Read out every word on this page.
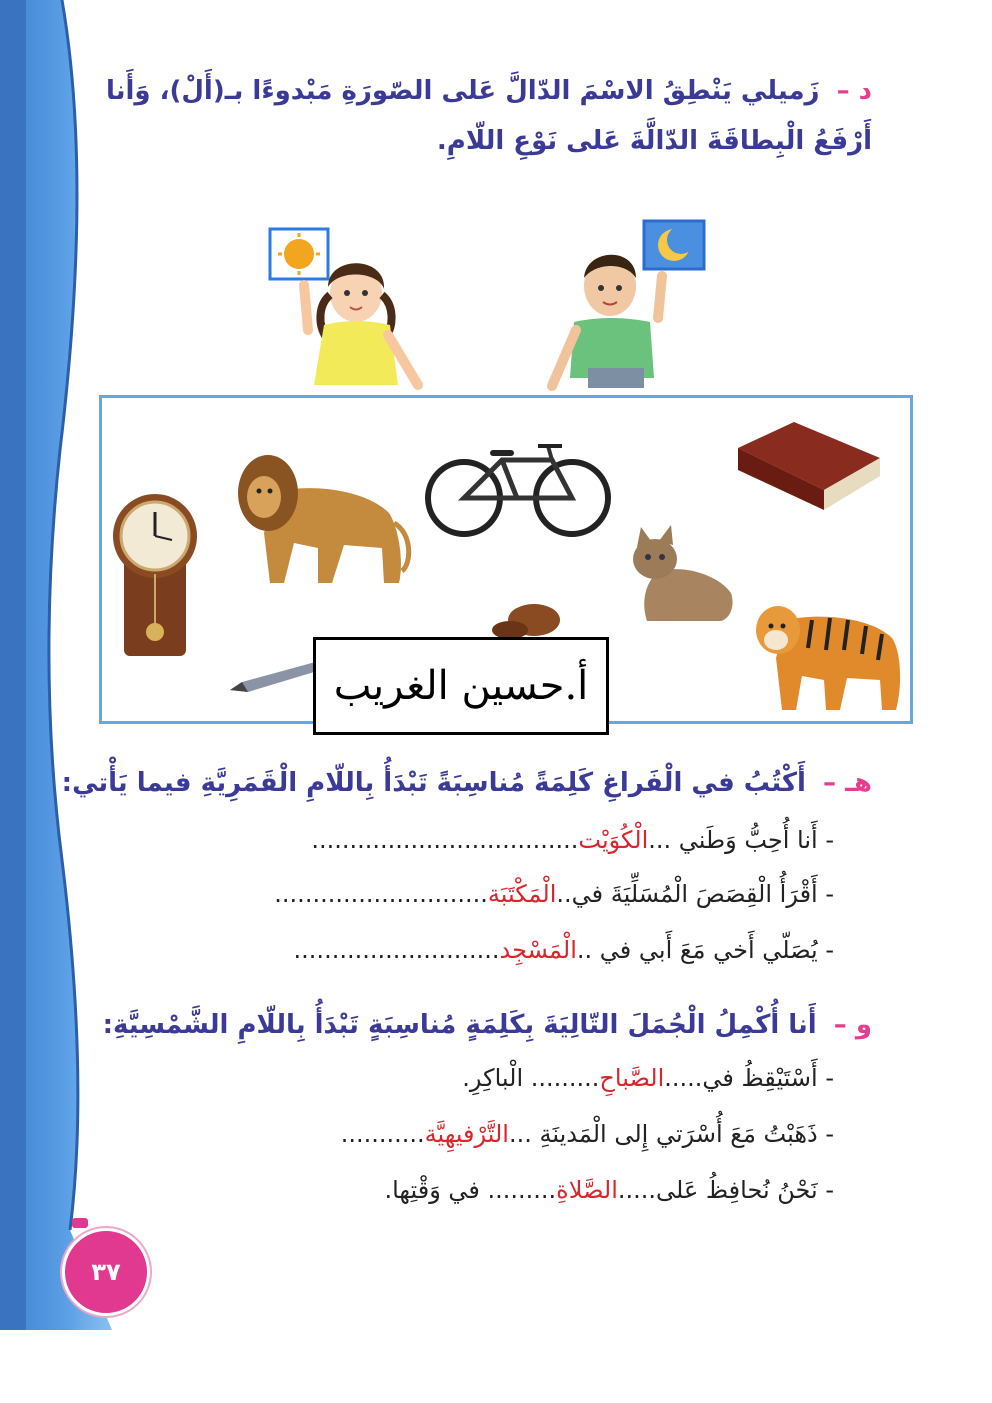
٣٧
د – زَميلي يَنْطِقُ الاسْمَ الدّالَّ عَلى الصّورَةِ مَبْدوءًا بـ(أَلْ)، وَأَنا أَرْفَعُ الْبِطاقَةَ الدّالَّةَ عَلى نَوْعِ اللّامِ.
أ.حسين الغريب
هـ – أَكْتُبُ في الْفَراغِ كَلِمَةً مُناسِبَةً تَبْدَأُ بِاللّامِ الْقَمَرِيَّةِ فيما يَأْتي:
- أَنا أُحِبُّ وَطَني ...الْكُوَيْت...................................
- أَقْرَأُ الْقِصَصَ الْمُسَلِّيَةَ في..الْمَكْتَبَة............................
- يُصَلّي أَخي مَعَ أَبي في ..الْمَسْجِد...........................
و – أَنا أُكْمِلُ الْجُمَلَ التّالِيَةَ بِكَلِمَةٍ مُناسِبَةٍ تَبْدَأُ بِاللّامِ الشَّمْسِيَّةِ:
- أَسْتَيْقِظُ في.....الصَّباحِ......... الْباكِرِ.
- ذَهَبْتُ مَعَ أُسْرَتي إِلى الْمَدينَةِ ...التَّرْفيهِيَّة...........
- نَحْنُ نُحافِظُ عَلى.....الصَّلاةِ......... في وَقْتِها.
